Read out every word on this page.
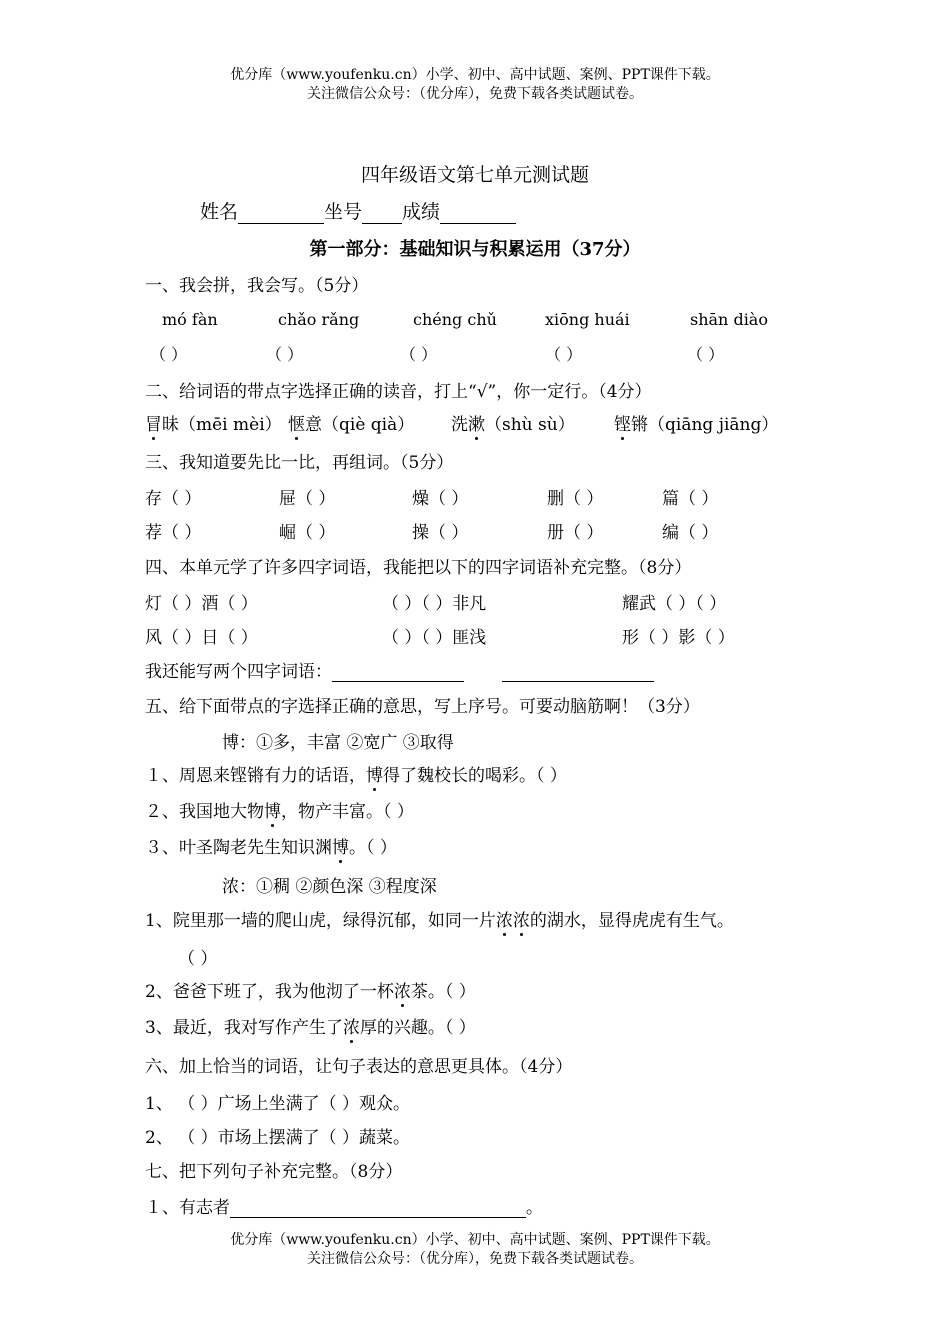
优分库（www.youfenku.cn）小学、初中、高中试题、案例、PPT课件下载。
关注微信公众号：（优分库），免费下载各类试题试卷。
四年级语文第七单元测试题
姓名	坐号 成绩
第一部分：基础知识与积累运用（37分）
一、我会拼，我会写。（5分）
mó fàn	chǎo rǎng	chéng chǔ	xiōng huái	shān diào
（ ）	（ ）	（ ）	（ ）	（ ）
二、给词语的带点字选择正确的读音，打上“√”，你一定行。（4分）
冒昧（mēi mèi） 惬意（qiè qià） 洗漱（shù sù） 铿锵（qiāng jiāng）
三、我知道要先比一比，再组词。（5分）
存（ ）	屉（ ）	燥（ ）	删（ ）	篇（ ）
荐（ ）	崛（ ）	操（ ）	册（ ）	编（ ）
四、本单元学了许多四字词语，我能把以下的四字词语补充完整。（8分）
灯（ ）酒（ ）	（ ）（ ）非凡	耀武（ ）（ ）
风（ ）日（ ）	（ ）（ ）匪浅	形（ ）影（ ）
我还能写两个四字词语：
五、给下面带点的字选择正确的意思，写上序号。可要动脑筋啊！（3分）
博：①多，丰富 ②宽广 ③取得
１、周恩来铿锵有力的话语，博得了魏校长的喝彩。（ ）
２、我国地大物博，物产丰富。（ ）
３、叶圣陶老先生知识渊博。（ ）
浓：①稠 ②颜色深 ③程度深
1、院里那一墙的爬山虎，绿得沉郁，如同一片浓浓的湖水，显得虎虎有生气。
（ ）
2、爸爸下班了，我为他沏了一杯浓茶。（ ）
3、最近，我对写作产生了浓厚的兴趣。（ ）
六、加上恰当的词语，让句子表达的意思更具体。（4分）
1、 （ ）广场上坐满了（ ）观众。
2、 （ ）市场上摆满了（ ）蔬菜。
七、把下列句子补充完整。（8分）
１、有志者	。
优分库（www.youfenku.cn）小学、初中、高中试题、案例、PPT课件下载。
关注微信公众号：（优分库），免费下载各类试题试卷。
